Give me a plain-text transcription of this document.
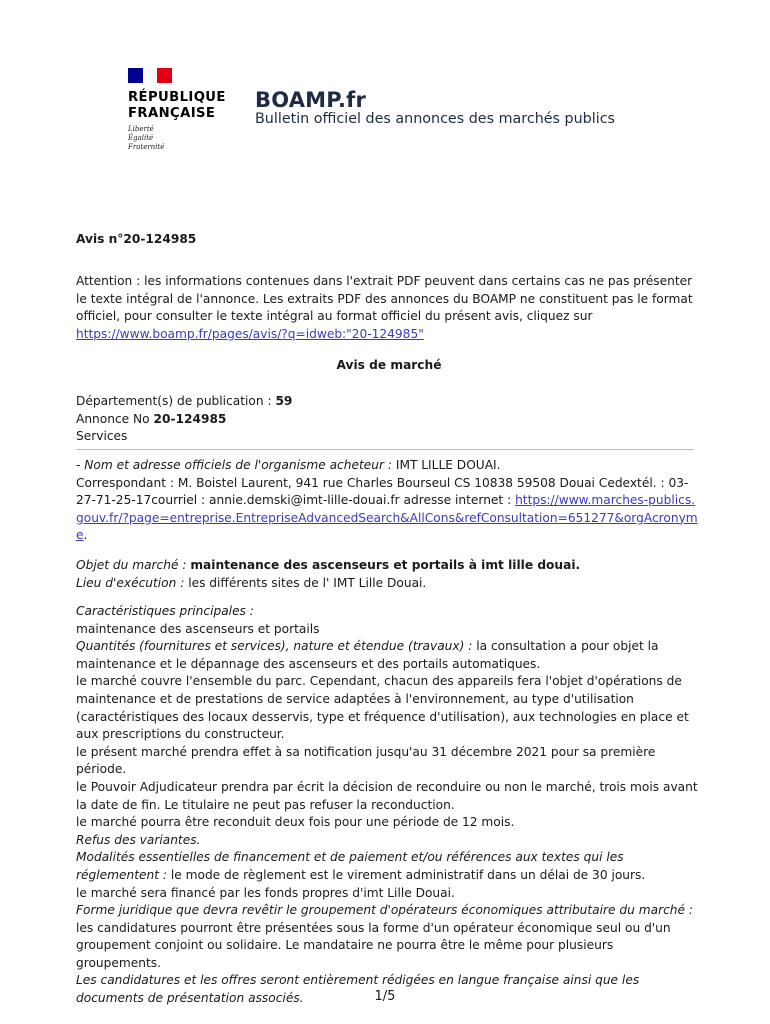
RÉPUBLIQUE
FRANÇAISE
Liberté
Égalité
Fraternité
BOAMP.fr
Bulletin officiel des annonces des marchés publics
Avis n°20-124985
Attention : les informations contenues dans l'extrait PDF peuvent dans certains cas ne pas présenter le texte intégral de l'annonce. Les extraits PDF des annonces du BOAMP ne constituent pas le format officiel, pour consulter le texte intégral au format officiel du présent avis, cliquez sur https://www.boamp.fr/pages/avis/?q=idweb:"20-124985"
Avis de marché

Département(s) de publication : 59

Annonce No 20-124985

Services

- Nom et adresse officiels de l'organisme acheteur : IMT LILLE DOUAI.
Correspondant : M. Boistel Laurent, 941 rue Charles Bourseul CS 10838 59508 Douai Cedextél. : 03-27-71-25-17courriel : annie.demski@imt-lille-douai.fr adresse internet : https://www.marches-publics.gouv.fr/?page=entreprise.EntrepriseAdvancedSearch&AllCons&refConsultation=651277&orgAcronyme.

Objet du marché : maintenance des ascenseurs et portails à imt lille douai.

Lieu d'exécution : les différents sites de l' IMT Lille Douai.

Caractéristiques principales :

maintenance des ascenseurs et portails

Quantités (fournitures et services), nature et étendue (travaux) : la consultation a pour objet la maintenance et le dépannage des ascenseurs et des portails automatiques.

le marché couvre l'ensemble du parc. Cependant, chacun des appareils fera l'objet d'opérations de maintenance et de prestations de service adaptées à l'environnement, au type d'utilisation (caractéristiques des locaux desservis, type et fréquence d'utilisation), aux technologies en place et aux prescriptions du constructeur.

le présent marché prendra effet à sa notification jusqu'au 31 décembre 2021 pour sa première période.

le Pouvoir Adjudicateur prendra par écrit la décision de reconduire ou non le marché, trois mois avant la date de fin. Le titulaire ne peut pas refuser la reconduction.

le marché pourra être reconduit deux fois pour une période de 12 mois.

Refus des variantes.

Modalités essentielles de financement et de paiement et/ou références aux textes qui les réglementent : le mode de règlement est le virement administratif dans un délai de 30 jours.

le marché sera financé par les fonds propres d'imt Lille Douai.

Forme juridique que devra revêtir le groupement d'opérateurs économiques attributaire du marché : les candidatures pourront être présentées sous la forme d'un opérateur économique seul ou d'un groupement conjoint ou solidaire. Le mandataire ne pourra être le même pour plusieurs groupements.

Les candidatures et les offres seront entièrement rédigées en langue française ainsi que les documents de présentation associés.	1/5
